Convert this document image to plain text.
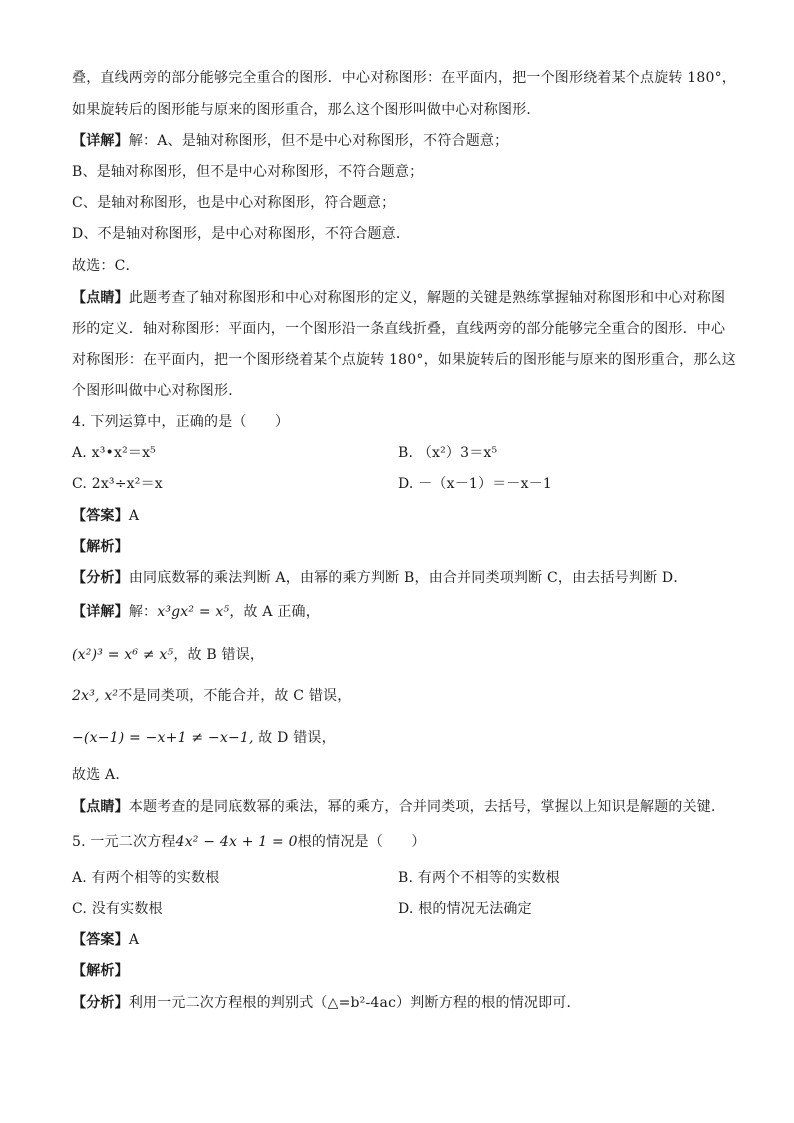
叠，直线两旁的部分能够完全重合的图形．中心对称图形：在平面内，把一个图形绕着某个点旋转 180°，
如果旋转后的图形能与原来的图形重合，那么这个图形叫做中心对称图形．
【详解】解：A、是轴对称图形，但不是中心对称图形，不符合题意；
B、是轴对称图形，但不是中心对称图形，不符合题意；
C、是轴对称图形，也是中心对称图形，符合题意；
D、不是轴对称图形，是中心对称图形，不符合题意．
故选：C．
【点睛】此题考查了轴对称图形和中心对称图形的定义，解题的关键是熟练掌握轴对称图形和中心对称图
形的定义．轴对称图形：平面内，一个图形沿一条直线折叠，直线两旁的部分能够完全重合的图形．中心
对称图形：在平面内，把一个图形绕着某个点旋转 180°，如果旋转后的图形能与原来的图形重合，那么这
个图形叫做中心对称图形．
4. 下列运算中，正确的是（　　）
A. x³•x²＝x⁵	B. （x²）3＝x⁵
C. 2x³÷x²＝x	D. －（x－1）＝－x－1
【答案】A
【解析】
【分析】由同底数幂的乘法判断 A，由幂的乘方判断 B，由合并同类项判断 C，由去括号判断 D．
【详解】解：x³gx² = x⁵，故 A 正确，
(x²)³ = x⁶ ≠ x⁵，故 B 错误，
2x³, x²不是同类项，不能合并，故 C 错误，
−(x−1) = −x+1 ≠ −x−1, 故 D 错误，
故选 A．
【点睛】本题考查的是同底数幂的乘法，幂的乘方，合并同类项，去括号，掌握以上知识是解题的关键．
5. 一元二次方程4x² − 4x + 1 = 0根的情况是（　　）
A. 有两个相等的实数根	B. 有两个不相等的实数根
C. 没有实数根	D. 根的情况无法确定
【答案】A
【解析】
【分析】利用一元二次方程根的判别式（△=b²-4ac）判断方程的根的情况即可．
